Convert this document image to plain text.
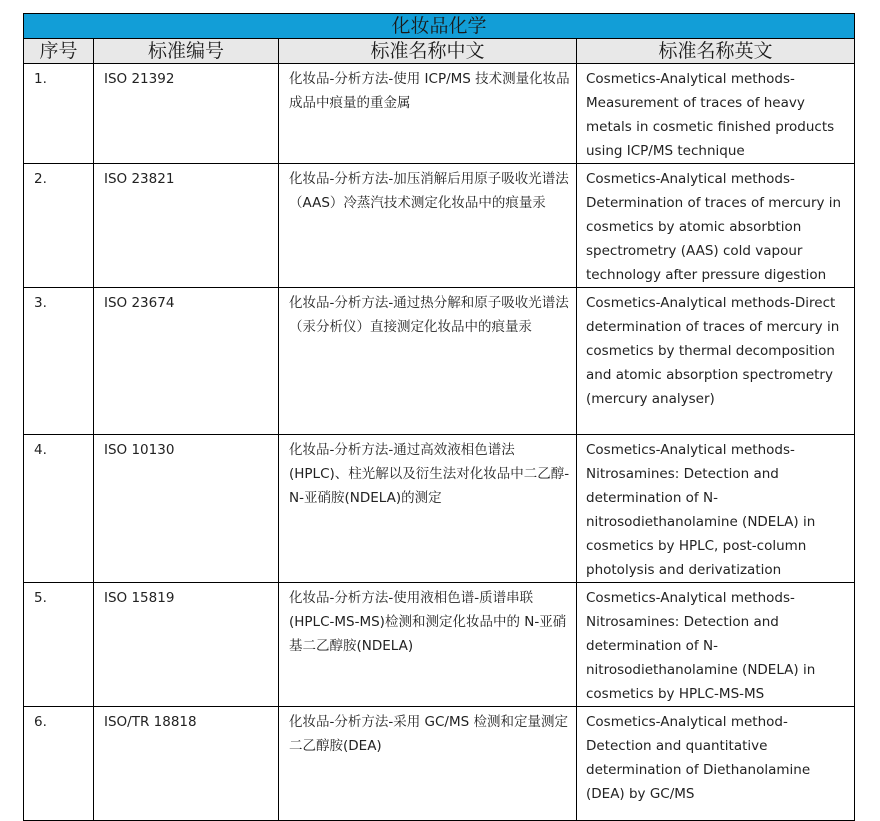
化妆品化学			
序号	标准编号	标准名称中文	标准名称英文
1.	ISO 21392	化妆品-分析方法-使用 ICP/MS 技术测量化妆品成品中痕量的重金属	Cosmetics-Analytical methods-Measurement of traces of heavy metals in cosmetic finished products using ICP/MS technique
2.	ISO 23821	化妆品-分析方法-加压消解后用原子吸收光谱法（AAS）冷蒸汽技术测定化妆品中的痕量汞	Cosmetics-Analytical methods-Determination of traces of mercury in cosmetics by atomic absorbtion spectrometry (AAS) cold vapour technology after pressure digestion
3.	ISO 23674	化妆品-分析方法-通过热分解和原子吸收光谱法（汞分析仪）直接测定化妆品中的痕量汞	Cosmetics-Analytical methods-Direct determination of traces of mercury in cosmetics by thermal decomposition and atomic absorption spectrometry (mercury analyser)
4.	ISO 10130	化妆品-分析方法-通过高效液相色谱法(HPLC)、柱光解以及衍生法对化妆品中二乙醇-N-亚硝胺(NDELA)的测定	Cosmetics-Analytical methods-Nitrosamines: Detection and determination of N-nitrosodiethanolamine (NDELA) in cosmetics by HPLC, post-column photolysis and derivatization
5.	ISO 15819	化妆品-分析方法-使用液相色谱-质谱串联(HPLC-MS-MS)检测和测定化妆品中的 N-亚硝基二乙醇胺(NDELA)	Cosmetics-Analytical methods-Nitrosamines: Detection and determination of N-nitrosodiethanolamine (NDELA) in cosmetics by HPLC-MS-MS
6.	ISO/TR 18818	化妆品-分析方法-采用 GC/MS 检测和定量测定二乙醇胺(DEA)	Cosmetics-Analytical method-Detection and quantitative determination of Diethanolamine (DEA) by GC/MS
